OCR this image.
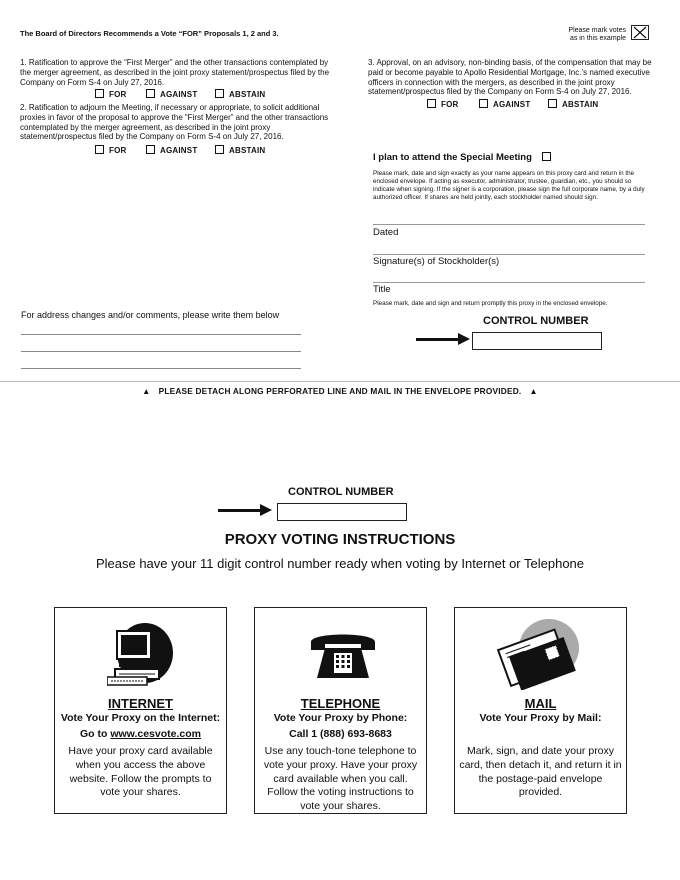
The Board of Directors Recommends a Vote “FOR” Proposals 1, 2 and 3.	Please mark votes
as in this example
1. Ratification to approve the “First Merger” and the other transactions contemplated by the merger agreement, as described in the joint proxy statement/prospectus filed by the Company on Form S-4 on July 27, 2016.
FOR	AGAINST	ABSTAIN
2. Ratification to adjourn the Meeting, if necessary or appropriate, to solicit additional proxies in favor of the proposal to approve the “First Merger” and the other transactions contemplated by the merger agreement, as described in the joint proxy statement/prospectus filed by the Company on Form S-4 on July 27, 2016.
FOR	AGAINST	ABSTAIN
3. Approval, on an advisory, non-binding basis, of the compensation that may be paid or become payable to Apollo Residential Mortgage, Inc.’s named executive officers in connection with the mergers, as described in the joint proxy statement/prospectus filed by the Company on Form S-4 on July 27, 2016.
FOR	AGAINST	ABSTAIN
I plan to attend the Special Meeting
Please mark, date and sign exactly as your name appears on this proxy card and return in the enclosed envelope. If acting as executor, administrator, trustee, guardian, etc., you should so indicate when signing. If the signer is a corporation, please sign the full corporate name, by a duly authorized officer. If shares are held jointly, each stockholder named should sign.
Dated
Signature(s) of Stockholder(s)
Title
Please mark, date and sign and return promptly this proxy in the enclosed envelope.
CONTROL NUMBER
For address changes and/or comments, please write them below
▲ PLEASE DETACH ALONG PERFORATED LINE AND MAIL IN THE ENVELOPE PROVIDED. ▲
CONTROL NUMBER
PROXY VOTING INSTRUCTIONS
Please have your 11 digit control number ready when voting by Internet or Telephone
INTERNET
Vote Your Proxy on the Internet:
Go to www.cesvote.com
Have your proxy card available when you access the above website. Follow the prompts to vote your shares.
TELEPHONE
Vote Your Proxy by Phone:
Call 1 (888) 693-8683
Use any touch-tone telephone to vote your proxy. Have your proxy card available when you call. Follow the voting instructions to vote your shares.
MAIL
Vote Your Proxy by Mail:
Mark, sign, and date your proxy card, then detach it, and return it in the postage-paid envelope provided.
